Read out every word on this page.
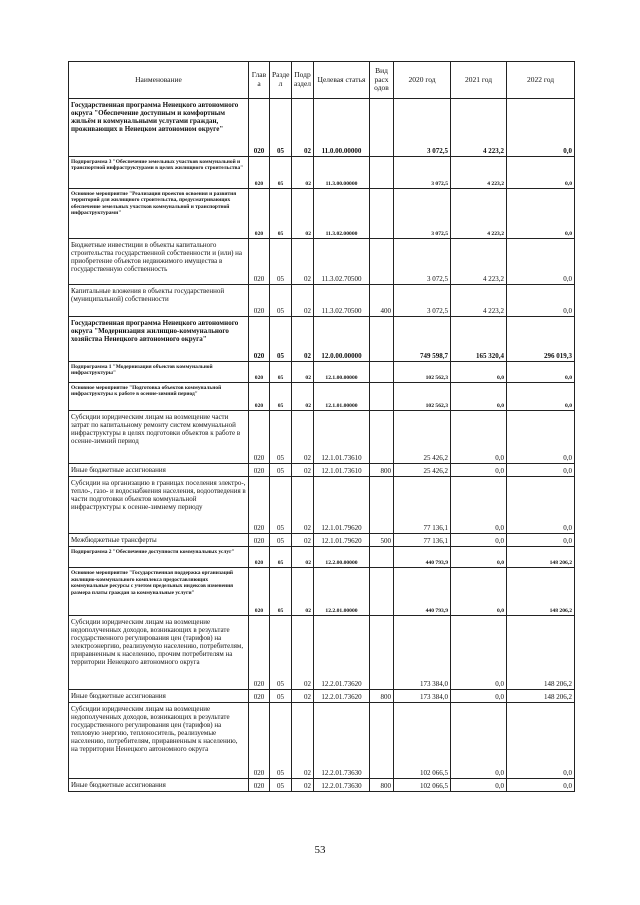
Наименование	Глав а	Разде л	Подр аздел	Целевая статья	Вид расх одов	2020 год	2021 год	2022 год
Государственная программа Ненецкого автономного округа "Обеспечение доступным и комфортным жильём и коммунальными услугами граждан, проживающих в Ненецком автономном округе"	020	05	02	11.0.00.00000		3 072,5	4 223,2	0,0
Подпрограмма 3 "Обеспечение земельных участков коммунальной и транспортной инфраструктурами в целях жилищного строительства"	020	05	02	11.3.00.00000		3 072,5	4 223,2	0,0
Основное мероприятие "Реализация проектов освоения и развития территорий для жилищного строительства, предусматривающих обеспечение земельных участков коммунальной и транспортной инфраструктурами"	020	05	02	11.3.02.00000		3 072,5	4 223,2	0,0
Бюджетные инвестиции в объекты капитального строительства государственной собственности и (или) на приобретение объектов недвижимого имущества в государственную собственность	020	05	02	11.3.02.70500		3 072,5	4 223,2	0,0
Капитальные вложения в объекты государственной (муниципальной) собственности	020	05	02	11.3.02.70500	400	3 072,5	4 223,2	0,0
Государственная программа Ненецкого автономного округа "Модернизация жилищно-коммунального хозяйства Ненецкого автономного округа"	020	05	02	12.0.00.00000		749 598,7	165 320,4	296 019,3
Подпрограмма 1 "Модернизация объектов коммунальной инфраструктуры"	020	05	02	12.1.00.00000		102 562,3	0,0	0,0
Основное мероприятие "Подготовка объектов коммунальной инфраструктуры к работе в осенне-зимний период"	020	05	02	12.1.01.00000		102 562,3	0,0	0,0
Субсидии юридическим лицам на возмещение части затрат по капитальному ремонту систем коммунальной инфраструктуры в целях подготовки объектов к работе в осенне-зимний период	020	05	02	12.1.01.73610		25 426,2	0,0	0,0
Иные бюджетные ассигнования	020	05	02	12.1.01.73610	800	25 426,2	0,0	0,0
Субсидии на организацию в границах поселения электро-, тепло-, газо- и водоснабжения населения, водоотведения в части подготовки объектов коммунальной инфраструктуры к осенне-зимнему периоду	020	05	02	12.1.01.79620		77 136,1	0,0	0,0
Межбюджетные трансферты	020	05	02	12.1.01.79620	500	77 136,1	0,0	0,0
Подпрограмма 2 "Обеспечение доступности коммунальных услуг"	020	05	02	12.2.00.00000		440 793,9	0,0	148 206,2
Основное мероприятие "Государственная поддержка организаций жилищно-коммунального комплекса предоставляющих коммунальные ресурсы с учетом предельных индексов изменения размера платы граждан за коммунальные услуги"	020	05	02	12.2.01.00000		440 793,9	0,0	148 206,2
Субсидии юридическим лицам на возмещение недополученных доходов, возникающих в результате государственного регулирования цен (тарифов) на электроэнергию, реализуемую населению, потребителям, приравненным к населению, прочим потребителям на территории Ненецкого автономного округа	020	05	02	12.2.01.73620		173 384,0	0,0	148 206,2
Иные бюджетные ассигнования	020	05	02	12.2.01.73620	800	173 384,0	0,0	148 206,2
Субсидии юридическим лицам на возмещение недополученных доходов, возникающих в результате государственного регулирования цен (тарифов) на тепловую энергию, теплоноситель, реализуемые населению, потребителям, приравненным к населению, на территории Ненецкого автономного округа	020	05	02	12.2.01.73630		102 066,5	0,0	0,0
Иные бюджетные ассигнования	020	05	02	12.2.01.73630	800	102 066,5	0,0	0,0
53
